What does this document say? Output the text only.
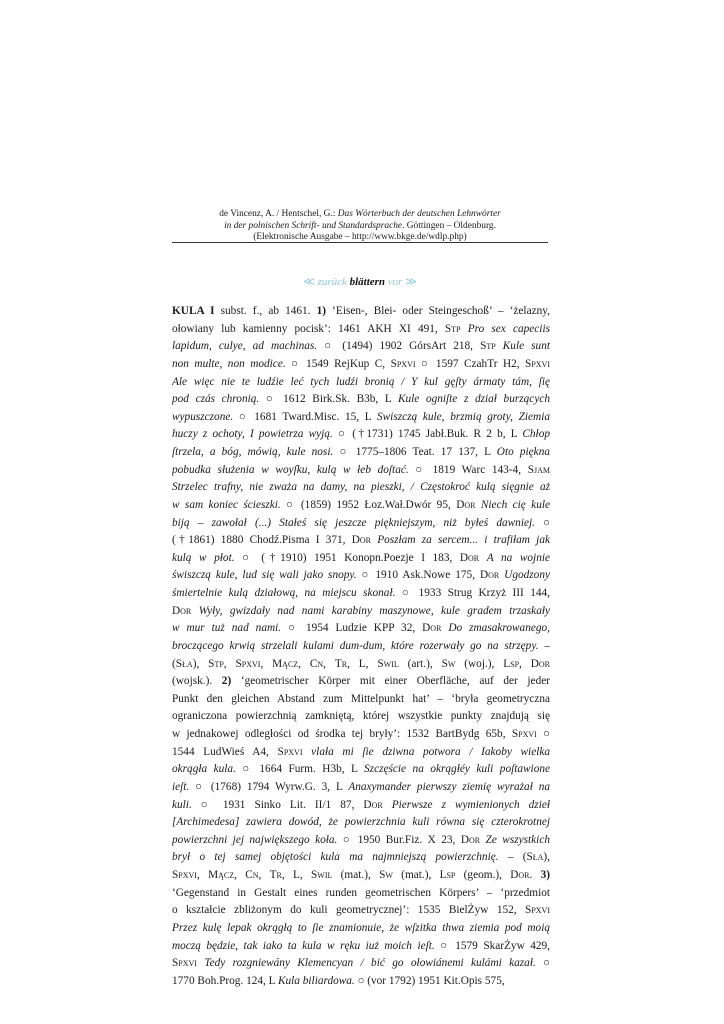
de Vincenz, A. / Hentschel, G.: Das Wörterbuch der deutschen Lehnwörter
in der polnischen Schrift- und Standardsprache. Göttingen – Oldenburg.
(Elektronische Ausgabe – http://www.bkge.de/wdlp.php)
≪ zurück blättern vor ≫
KULA I subst. f., ab 1461. 1) ‘Eisen-, Blei- oder Steingeschoß’ – ‘żelazny,
ołowiany lub kamienny pocisk’: 1461 AKH XI 491, Stp Pro sex capeciis
lapidum, culye, ad machinas. ○ (1494) 1902 GórsArt 218, Stp Kule sunt
non multe, non modice. ○ 1549 RejKup C, Spxvi ○ 1597 CzahTr H2, Spxvi
Ale więc nie te ludźie leć tych ludźi bronią / Y kul gęſty ármaty tám, ſię
pod czás chronią. ○ 1612 Birk.Sk. B3b, L Kule ogniſte z dział burzących
wypuszczone. ○ 1681 Tward.Misc. 15, L Swiszczą kule, brzmią groty, Ziemia
huczy z ochoty, I powietrza wyją. ○ (†1731) 1745 Jabł.Buk. R 2 b, L Chłop
ſtrzela, a bóg, mówią, kule nosi. ○ 1775–1806 Teat. 17 137, L Oto piękna
pobudka służenia w woyſku, kulą w łeb doſtać. ○ 1819 Warc 143-4, Sjam
Strzelec trafny, nie zważa na damy, na pieszki, / Częstokroć kulą sięgnie aż
w sam koniec ścieszki. ○ (1859) 1952 Łoz.Wał.Dwór 95, Dor Niech cię kule
biją – zawołał (...) Stałeś się jeszcze piękniejszym, niż byłeś dawniej. ○
(†1861) 1880 Chodź.Pisma I 371, Dor Poszłam za sercem... i trafiłam jak
kulą w płot. ○ (†1910) 1951 Konopn.Poezje I 183, Dor A na wojnie
świszczą kule, lud się wali jako snopy. ○ 1910 Ask.Nowe 175, Dor Ugodzony
śmiertelnie kulą działową, na miejscu skonał. ○ 1933 Strug Krzyż III 144,
Dor Wyły, gwizdały nad nami karabiny maszynowe, kule gradem trzaskały
w mur tuż nad nami. ○ 1954 Ludzie KPP 32, Dor Do zmasakrowanego,
broczącego krwią strzelali kulami dum-dum, które rozerwały go na strzępy. –
(Sła), Stp, Spxvi, Mącz, Cn, Tr, L, Swil (art.), Sw (woj.), Lsp, Dor
(wojsk.). 2) ‘geometrischer Körper mit einer Oberfläche, auf der jeder
Punkt den gleichen Abstand zum Mittelpunkt hat’ – ‘bryła geometryczna
ograniczona powierzchnią zamkniętą, której wszystkie punkty znajdują się
w jednakowej odległości od środka tej bryły’: 1532 BartBydg 65b, Spxvi ○
1544 LudWieś A4, Spxvi vlała mi ſie dziwna potwora / Iakoby wielka
okrągła kula. ○ 1664 Furm. H3b, L Szczęście na okrągłéy kuli poſtawione
ieſt. ○ (1768) 1794 Wyrw.G. 3, L Anaxymander pierwszy ziemię wyrażał na
kuli. ○ 1931 Sinko Lit. II/1 87, Dor Pierwsze z wymienionych dzieł
[Archimedesa] zawiera dowód, że powierzchnia kuli równa się czterokrotnej
powierzchni jej największego koła. ○ 1950 Bur.Fiz. X 23, Dor Ze wszystkich
brył o tej samej objętości kula ma najmniejszą powierzchnię. – (Sła),
Spxvi, Mącz, Cn, Tr, L, Swil (mat.), Sw (mat.), Lsp (geom.), Dor. 3)
‘Gegenstand in Gestalt eines runden geometrischen Körpers’ – ‘przedmiot
o kształcie zbliżonym do kuli geometrycznej’: 1535 BielŻyw 152, Spxvi
Przez kulę lepak okrągłą to ſie znamionuie, że wſzitka thwa ziemia pod moią
moczą będzie, tak iako ta kula w ręku iuż moich ieſt. ○ 1579 SkarŻyw 429,
Spxvi Tedy rozgniewány Klemencyan / bić go ołowiánemi kulámi kazał. ○
1770 Boh.Prog. 124, L Kula biliardowa. ○ (vor 1792) 1951 Kit.Opis 575,
